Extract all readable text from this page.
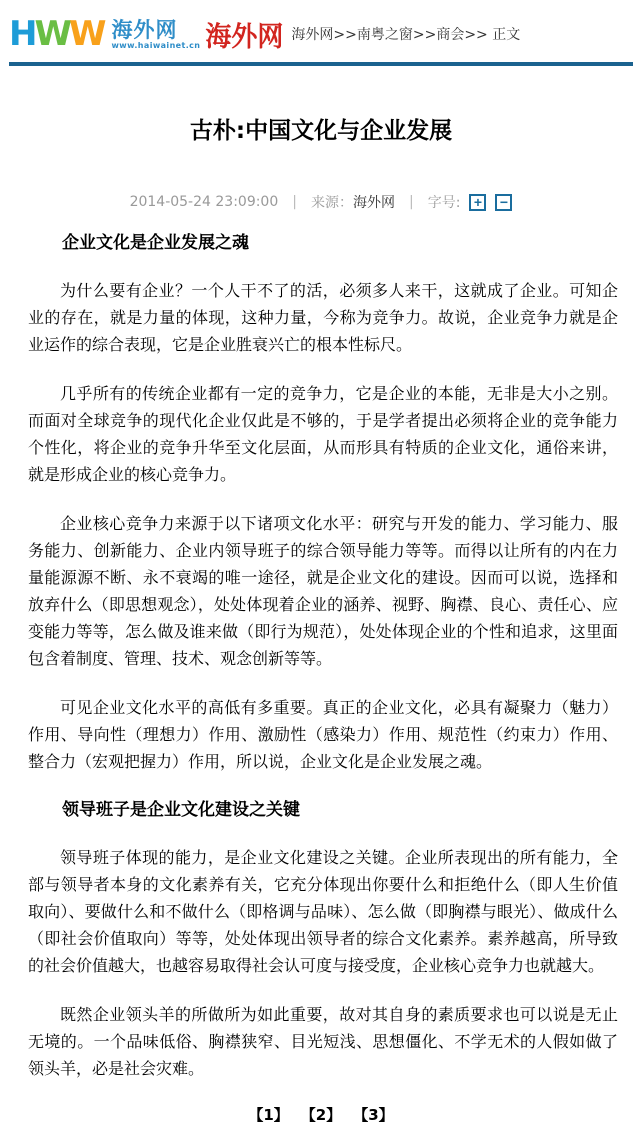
HWW 海外网
www.haiwainet.cn 海外网 海外网>>南粤之窗>>商会>> 正文
古朴:中国文化与企业发展
2014-05-24 23:09:00 | 来源：海外网 | 字号: +	−
企业文化是企业发展之魂

为什么要有企业？一个人干不了的活，必须多人来干，这就成了企业。可知企业的存在，就是力量的体现，这种力量，今称为竞争力。故说，企业竞争力就是企业运作的综合表现，它是企业胜衰兴亡的根本性标尺。

几乎所有的传统企业都有一定的竞争力，它是企业的本能，无非是大小之别。而面对全球竞争的现代化企业仅此是不够的，于是学者提出必须将企业的竞争能力个性化，将企业的竞争升华至文化层面，从而形具有特质的企业文化，通俗来讲，就是形成企业的核心竞争力。

企业核心竞争力来源于以下诸项文化水平：研究与开发的能力、学习能力、服务能力、创新能力、企业内领导班子的综合领导能力等等。而得以让所有的内在力量能源源不断、永不衰竭的唯一途径，就是企业文化的建设。因而可以说，选择和放弃什么（即思想观念），处处体现着企业的涵养、视野、胸襟、良心、责任心、应变能力等等，怎么做及谁来做（即行为规范），处处体现企业的个性和追求，这里面包含着制度、管理、技术、观念创新等等。

可见企业文化水平的高低有多重要。真正的企业文化，必具有凝聚力（魅力）作用、导向性（理想力）作用、激励性（感染力）作用、规范性（约束力）作用、整合力（宏观把握力）作用，所以说，企业文化是企业发展之魂。

领导班子是企业文化建设之关键

领导班子体现的能力，是企业文化建设之关键。企业所表现出的所有能力，全部与领导者本身的文化素养有关，它充分体现出你要什么和拒绝什么（即人生价值取向）、要做什么和不做什么（即格调与品味）、怎么做（即胸襟与眼光）、做成什么（即社会价值取向）等等，处处体现出领导者的综合文化素养。素养越高，所导致的社会价值越大，也越容易取得社会认可度与接受度，企业核心竞争力也就越大。

既然企业领头羊的所做所为如此重要，故对其自身的素质要求也可以说是无止无境的。一个品味低俗、胸襟狭窄、目光短浅、思想僵化、不学无术的人假如做了领头羊，必是社会灾难。

【1】 【2】 【3】
